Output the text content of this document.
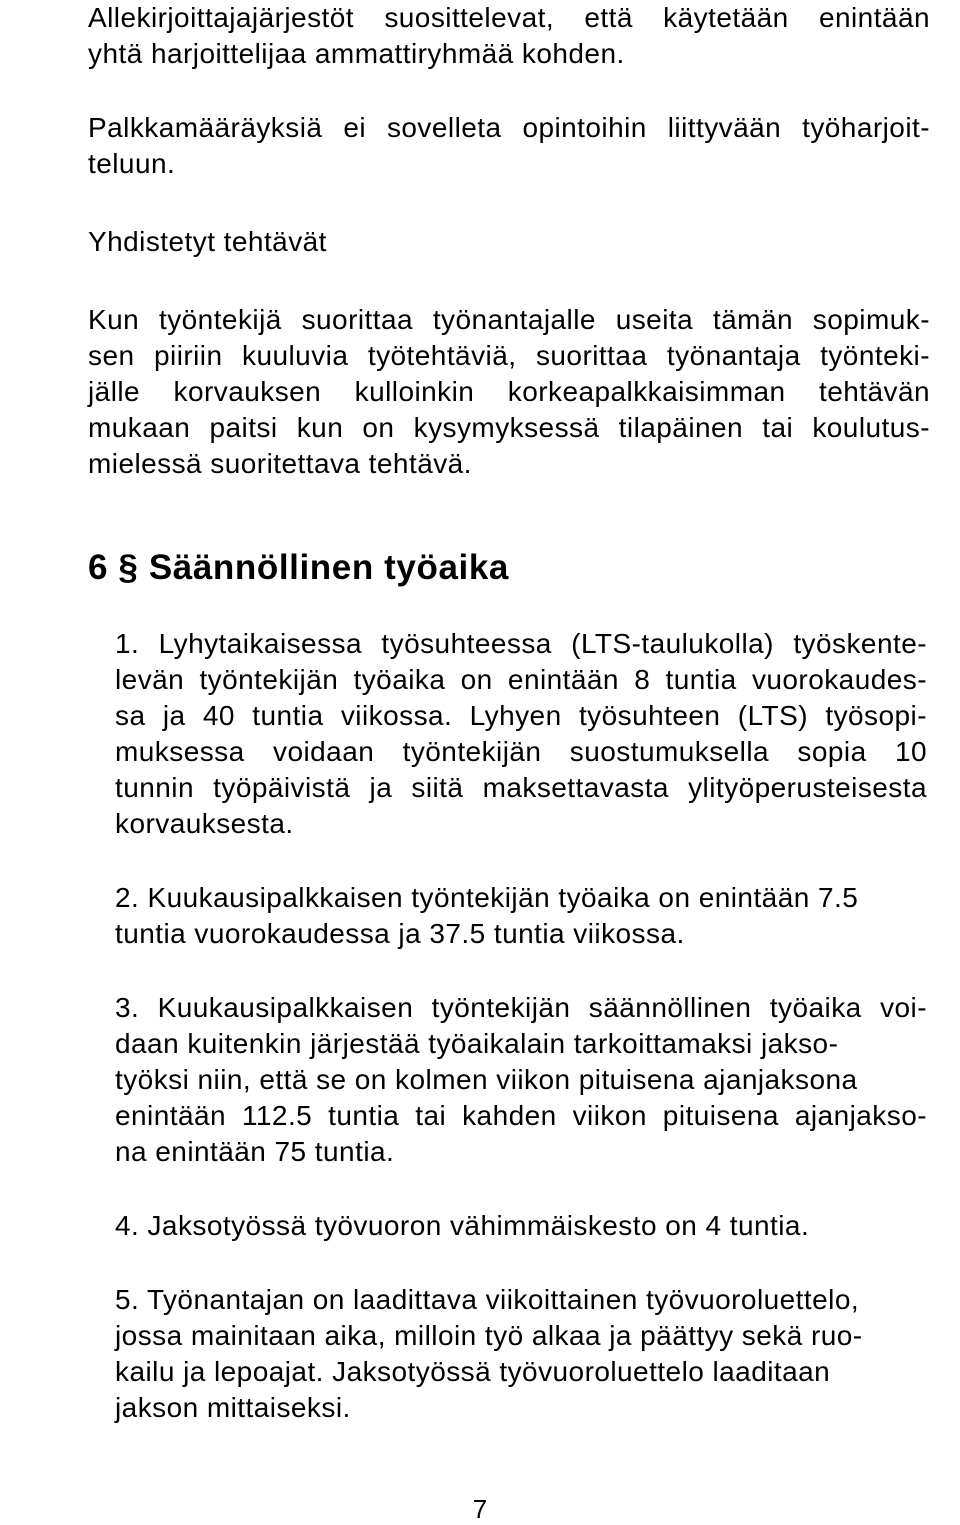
Allekirjoittajajärjestöt suosittelevat, että käytetään enintään

yhtä harjoittelijaa ammattiryhmää kohden.

Palkkamääräyksiä ei sovelleta opintoihin liittyvään työharjoit-

teluun.

Yhdistetyt tehtävät

Kun työntekijä suorittaa työnantajalle useita tämän sopimuk-

sen piiriin kuuluvia työtehtäviä, suorittaa työnantaja työnteki-

jälle korvauksen kulloinkin korkeapalkkaisimman tehtävän

mukaan paitsi kun on kysymyksessä tilapäinen tai koulutus-

mielessä suoritettava tehtävä.

6 § Säännöllinen työaika

1. Lyhytaikaisessa työsuhteessa (LTS-taulukolla) työskente-

levän työntekijän työaika on enintään 8 tuntia vuorokaudes-

sa ja 40 tuntia viikossa. Lyhyen työsuhteen (LTS) työsopi-

muksessa voidaan työntekijän suostumuksella sopia 10

tunnin työpäivistä ja siitä maksettavasta ylityöperusteisesta

korvauksesta.

2. Kuukausipalkkaisen työntekijän työaika on enintään 7.5

tuntia vuorokaudessa ja 37.5 tuntia viikossa.

3. Kuukausipalkkaisen työntekijän säännöllinen työaika voi-

daan kuitenkin järjestää työaikalain tarkoittamaksi jakso-

työksi niin, että se on kolmen viikon pituisena ajanjaksona

enintään 112.5 tuntia tai kahden viikon pituisena ajanjakso-

na enintään 75 tuntia.

4. Jaksotyössä työvuoron vähimmäiskesto on 4 tuntia.

5. Työnantajan on laadittava viikoittainen työvuoroluettelo,

jossa mainitaan aika, milloin työ alkaa ja päättyy sekä ruo-

kailu ja lepoajat. Jaksotyössä työvuoroluettelo laaditaan

jakson mittaiseksi.

7
